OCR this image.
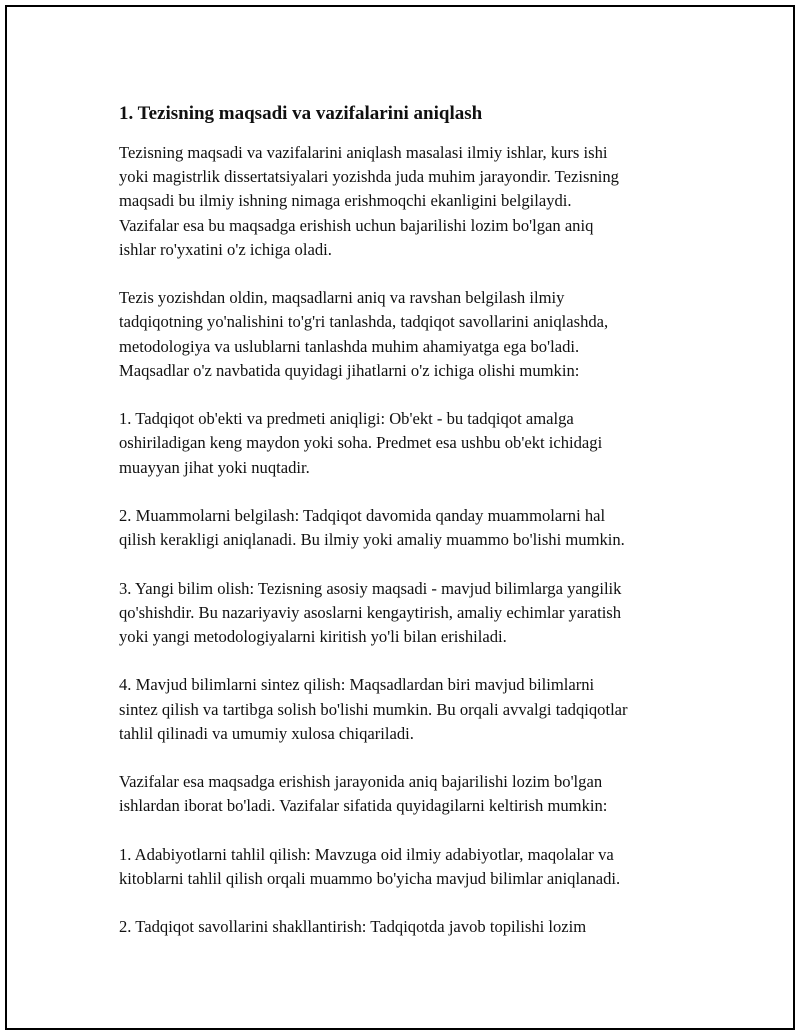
1. Tezisning maqsadi va vazifalarini aniqlash

Tezisning maqsadi va vazifalarini aniqlash masalasi ilmiy ishlar, kurs ishi
yoki magistrlik dissertatsiyalari yozishda juda muhim jarayondir. Tezisning
maqsadi bu ilmiy ishning nimaga erishmoqchi ekanligini belgilaydi.
Vazifalar esa bu maqsadga erishish uchun bajarilishi lozim bo'lgan aniq
ishlar ro'yxatini o'z ichiga oladi.

Tezis yozishdan oldin, maqsadlarni aniq va ravshan belgilash ilmiy
tadqiqotning yo'nalishini to'g'ri tanlashda, tadqiqot savollarini aniqlashda,
metodologiya va uslublarni tanlashda muhim ahamiyatga ega bo'ladi.
Maqsadlar o'z navbatida quyidagi jihatlarni o'z ichiga olishi mumkin:

1. Tadqiqot ob'ekti va predmeti aniqligi: Ob'ekt - bu tadqiqot amalga
oshiriladigan keng maydon yoki soha. Predmet esa ushbu ob'ekt ichidagi
muayyan jihat yoki nuqtadir.

2. Muammolarni belgilash: Tadqiqot davomida qanday muammolarni hal
qilish kerakligi aniqlanadi. Bu ilmiy yoki amaliy muammo bo'lishi mumkin.

3. Yangi bilim olish: Tezisning asosiy maqsadi - mavjud bilimlarga yangilik
qo'shishdir. Bu nazariyaviy asoslarni kengaytirish, amaliy echimlar yaratish
yoki yangi metodologiyalarni kiritish yo'li bilan erishiladi.

4. Mavjud bilimlarni sintez qilish: Maqsadlardan biri mavjud bilimlarni
sintez qilish va tartibga solish bo'lishi mumkin. Bu orqali avvalgi tadqiqotlar
tahlil qilinadi va umumiy xulosa chiqariladi.

Vazifalar esa maqsadga erishish jarayonida aniq bajarilishi lozim bo'lgan
ishlardan iborat bo'ladi. Vazifalar sifatida quyidagilarni keltirish mumkin:

1. Adabiyotlarni tahlil qilish: Mavzuga oid ilmiy adabiyotlar, maqolalar va
kitoblarni tahlil qilish orqali muammo bo'yicha mavjud bilimlar aniqlanadi.

2. Tadqiqot savollarini shakllantirish: Tadqiqotda javob topilishi lozim
